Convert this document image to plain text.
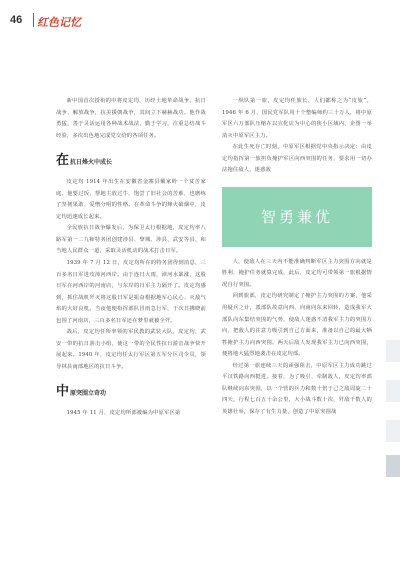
46 红色记忆

新中国首次授衔的中将皮定均，历经土地革命战争、抗日战争、解放战争，抗美援朝战争，其间立下赫赫战功。他作战勇猛，善于灵活运用各种战术战法，勤于学习，注重总结战斗经验，多次出色地完成党交给的各项任务。

在 抗日烽火中成长

皮定均 1914 年出生在安徽省金寨县戴家岭一个贫苦家庭。他要过饭，帮地主放过牛，饱尝了旧社会的苦难，也磨练了坚韧果敢、爱憎分明的性格。在革命斗争的烽火硝烟中，皮定均迅速成长起来。

全民族抗日战争爆发后，为保卫太行根据地，皮定均率八路军第一二九师特务团创建涉县、黎城、涉县、武安等县，和当地人民群众一道，采取灵活机动的战术打击日军。

1939 年 7 月 12 日，皮定均所在的特务团得到消息，三百多名日军进攻漳河西岸。由于连日大雨，漳河水暴涨，这股日军在河西岸的河南店，与东岸的日军主力隔开了。皮定均感到，抓住战机歼灭将这股日军是振奋根据地军心民心、灭敌气焰的大好良机。当夜他便指挥部队冒雨急行军，于次日拂晓前包围了河南店，三百多名日军还在梦里就被全歼。

战后，皮定均任所率领的军民教的武装大队，皮定均，武安一带的抗日游击小组，使这一带的全民性抗日游击战争快开展起来。1940 年，皮定均任太行军区第五军分区司令员，领导林县南部地区的抗日斗争。

中 原突围立奇功

1945 年 11 月，皮定均所部被编为中原军区第

一纵队第一旅，皮定均任旅长，人们都称之为“皮旅”。1946 年 6 月，国民党军队用十个整编师约三十万人，将中原军区六万部队压缩在以宣化店为中心的狭小区域内，企图一举消灭中原军区主力。

在此生死存亡时刻，中原军区根据党中央指示决定：由皮定均指挥第一旅担负掩护军区向西突围的任务，要求用一切办法拖住敌人，迷惑敌

智勇兼优

人，使敌人在三天内不能准确判断军区主力突围方向就是胜利，掩护任务就算完成，此后，皮定均可带领第一旅根据情况自行突围。

回到旅部，皮定均研究制定了掩护主力突围的方案，他采用疑兵之计，派部队故意向西、向南向东来回转，造成我军大部队向东集结突围的气势，使敌人迷惑不清我军主力的突围方向，把敌人的注意力吸引到自己方面来，准备以自己的最大牺牲掩护主力向西突围。两天后敌人发现我军主力已向西突围，便将地大猛烈地袭击在皮定均部。

经过第一旅连续三天的顽强阻击，中原军区主力成功跳过平汉铁路向西挺进。接着，为了吸引、牵制敌人，皮定均率部队继续向东突围，以一个营的兵力和数十倍于己之敌周旋二十四天，行程七百五十余公里，大小战斗数十次，歼敌千数人的英雄壮举，保存了有生力量，创造了中原突围战
